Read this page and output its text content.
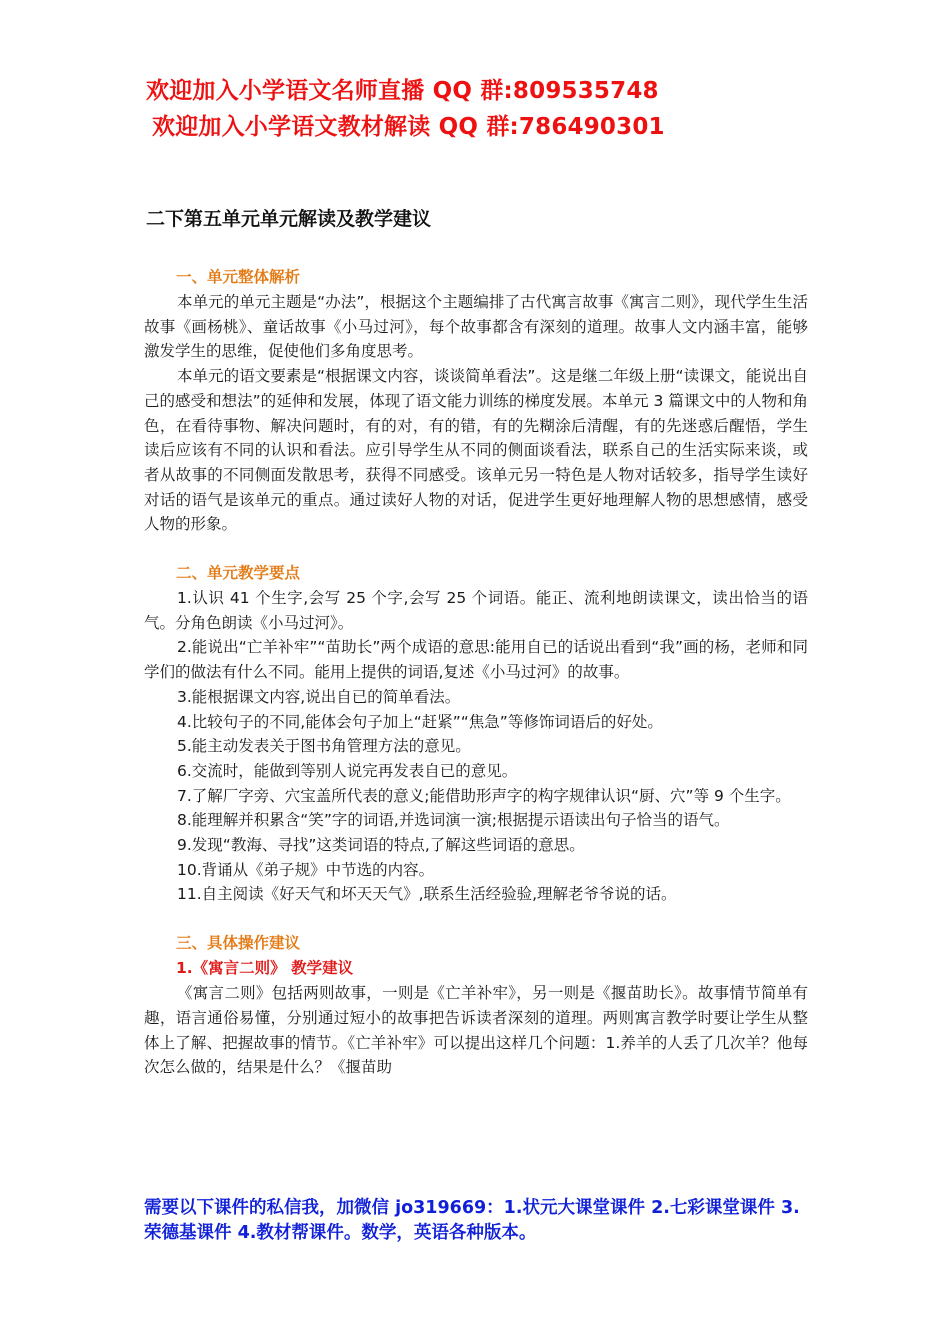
欢迎加入小学语文名师直播 QQ 群:809535748
欢迎加入小学语文教材解读 QQ 群:786490301
二下第五单元单元解读及教学建议

一、单元整体解析

本单元的单元主题是“办法”，根据这个主题编排了古代寓言故事《寓言二则》，现代学生生活故事《画杨桃》、童话故事《小马过河》，每个故事都含有深刻的道理。故事人文内涵丰富，能够激发学生的思维，促使他们多角度思考。

本单元的语文要素是“根据课文内容，谈谈简单看法”。这是继二年级上册“读课文，能说出自己的感受和想法”的延伸和发展，体现了语文能力训练的梯度发展。本单元 3 篇课文中的人物和角色，在看待事物、解决问题时，有的对，有的错，有的先糊涂后清醒，有的先迷惑后醒悟，学生读后应该有不同的认识和看法。应引导学生从不同的侧面谈看法，联系自己的生活实际来谈，或者从故事的不同侧面发散思考，获得不同感受。该单元另一特色是人物对话较多，指导学生读好对话的语气是该单元的重点。通过读好人物的对话，促进学生更好地理解人物的思想感情，感受人物的形象。

二、单元教学要点

1.认识 41 个生字,会写 25 个字,会写 25 个词语。能正、流利地朗读课文，读出恰当的语气。分角色朗读《小马过河》。

2.能说出“亡羊补牢”“苗助长”两个成语的意思:能用自已的话说出看到“我”画的杨，老师和同学们的做法有什么不同。能用上提供的词语,复述《小马过河》的故事。

3.能根据课文内容,说出自已的简单看法。

4.比较句子的不同,能体会句子加上“赶紧”“焦急”等修饰词语后的好处。

5.能主动发表关于图书角管理方法的意见。

6.交流时，能做到等别人说完再发表自已的意见。

7.了解厂字旁、穴宝盖所代表的意义;能借助形声字的构字规律认识“厨、穴”等 9 个生字。

8.能理解并积累含“笑”字的词语,并选词演一演;根据提示语读出句子恰当的语气。

9.发现“教海、寻找”这类词语的特点,了解这些词语的意思。

10.背诵从《弟子规》中节选的内容。

11.自主阅读《好天气和坏天天气》,联系生活经验验,理解老爷爷说的话。

三、具体操作建议

1.《寓言二则》 教学建议

《寓言二则》包括两则故事，一则是《亡羊补牢》，另一则是《揠苗助长》。故事情节简单有趣，语言通俗易懂，分别通过短小的故事把告诉读者深刻的道理。两则寓言教学时要让学生从整体上了解、把握故事的情节。《亡羊补牢》可以提出这样几个问题：1.养羊的人丢了几次羊？他每次怎么做的，结果是什么？《揠苗助

需要以下课件的私信我，加微信 jo319669：1.状元大课堂课件 2.七彩课堂课件 3.荣德基课件 4.教材帮课件。数学，英语各种版本。
